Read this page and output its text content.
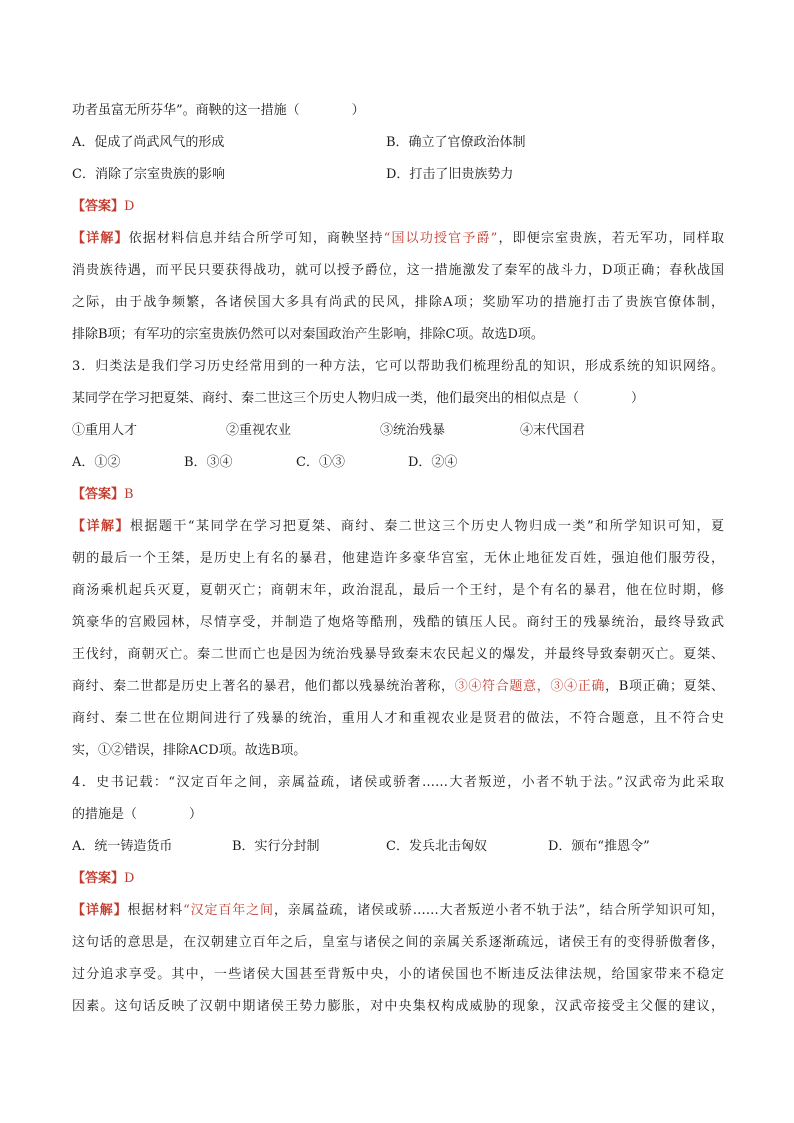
功者虽富无所芬华”。商鞅的这一措施（　　　　）
A．促成了尚武风气的形成	B．确立了官僚政治体制
C．消除了宗室贵族的影响	D．打击了旧贵族势力
【答案】D
【详解】依据材料信息并结合所学可知，商鞅坚持“国以功授官予爵”，即便宗室贵族，若无军功，同样取
消贵族待遇，而平民只要获得战功，就可以授予爵位，这一措施激发了秦军的战斗力，D项正确；春秋战国
之际，由于战争频繁，各诸侯国大多具有尚武的民风，排除A项；奖励军功的措施打击了贵族官僚体制，
排除B项；有军功的宗室贵族仍然可以对秦国政治产生影响，排除C项。故选D项。
3．归类法是我们学习历史经常用到的一种方法，它可以帮助我们梳理纷乱的知识，形成系统的知识网络。
某同学在学习把夏桀、商纣、秦二世这三个历史人物归成一类，他们最突出的相似点是（　　　　）
①重用人才	②重视农业	③统治残暴	④末代国君
A．①②	B．③④	C．①③	D．②④
【答案】B
【详解】根据题干“某同学在学习把夏桀、商纣、秦二世这三个历史人物归成一类”和所学知识可知，夏
朝的最后一个王桀，是历史上有名的暴君，他建造许多豪华宫室，无休止地征发百姓，强迫他们服劳役，
商汤乘机起兵灭夏，夏朝灭亡；商朝末年，政治混乱，最后一个王纣，是个有名的暴君，他在位时期，修
筑豪华的宫殿园林，尽情享受，并制造了炮烙等酷刑，残酷的镇压人民。商纣王的残暴统治，最终导致武
王伐纣，商朝灭亡。秦二世而亡也是因为统治残暴导致秦末农民起义的爆发，并最终导致秦朝灭亡。夏桀、
商纣、秦二世都是历史上著名的暴君，他们都以残暴统治著称，③④符合题意，③④正确，B项正确；夏桀、
商纣、秦二世在位期间进行了残暴的统治，重用人才和重视农业是贤君的做法，不符合题意，且不符合史
实，①②错误，排除ACD项。故选B项。
4．史书记载：“汉定百年之间，亲属益疏，诸侯或骄奢……大者叛逆，小者不轨于法。”汉武帝为此采取
的措施是（　　　　）
A．统一铸造货币	B．实行分封制	C．发兵北击匈奴	D．颁布“推恩令”
【答案】D
【详解】根据材料“汉定百年之间，亲属益疏，诸侯或骄……大者叛逆小者不轨于法”，结合所学知识可知，
这句话的意思是，在汉朝建立百年之后，皇室与诸侯之间的亲属关系逐渐疏远，诸侯王有的变得骄傲奢侈，
过分追求享受。其中，一些诸侯大国甚至背叛中央，小的诸侯国也不断违反法律法规，给国家带来不稳定
因素。这句话反映了汉朝中期诸侯王势力膨胀，对中央集权构成威胁的现象，汉武帝接受主父偃的建议，
